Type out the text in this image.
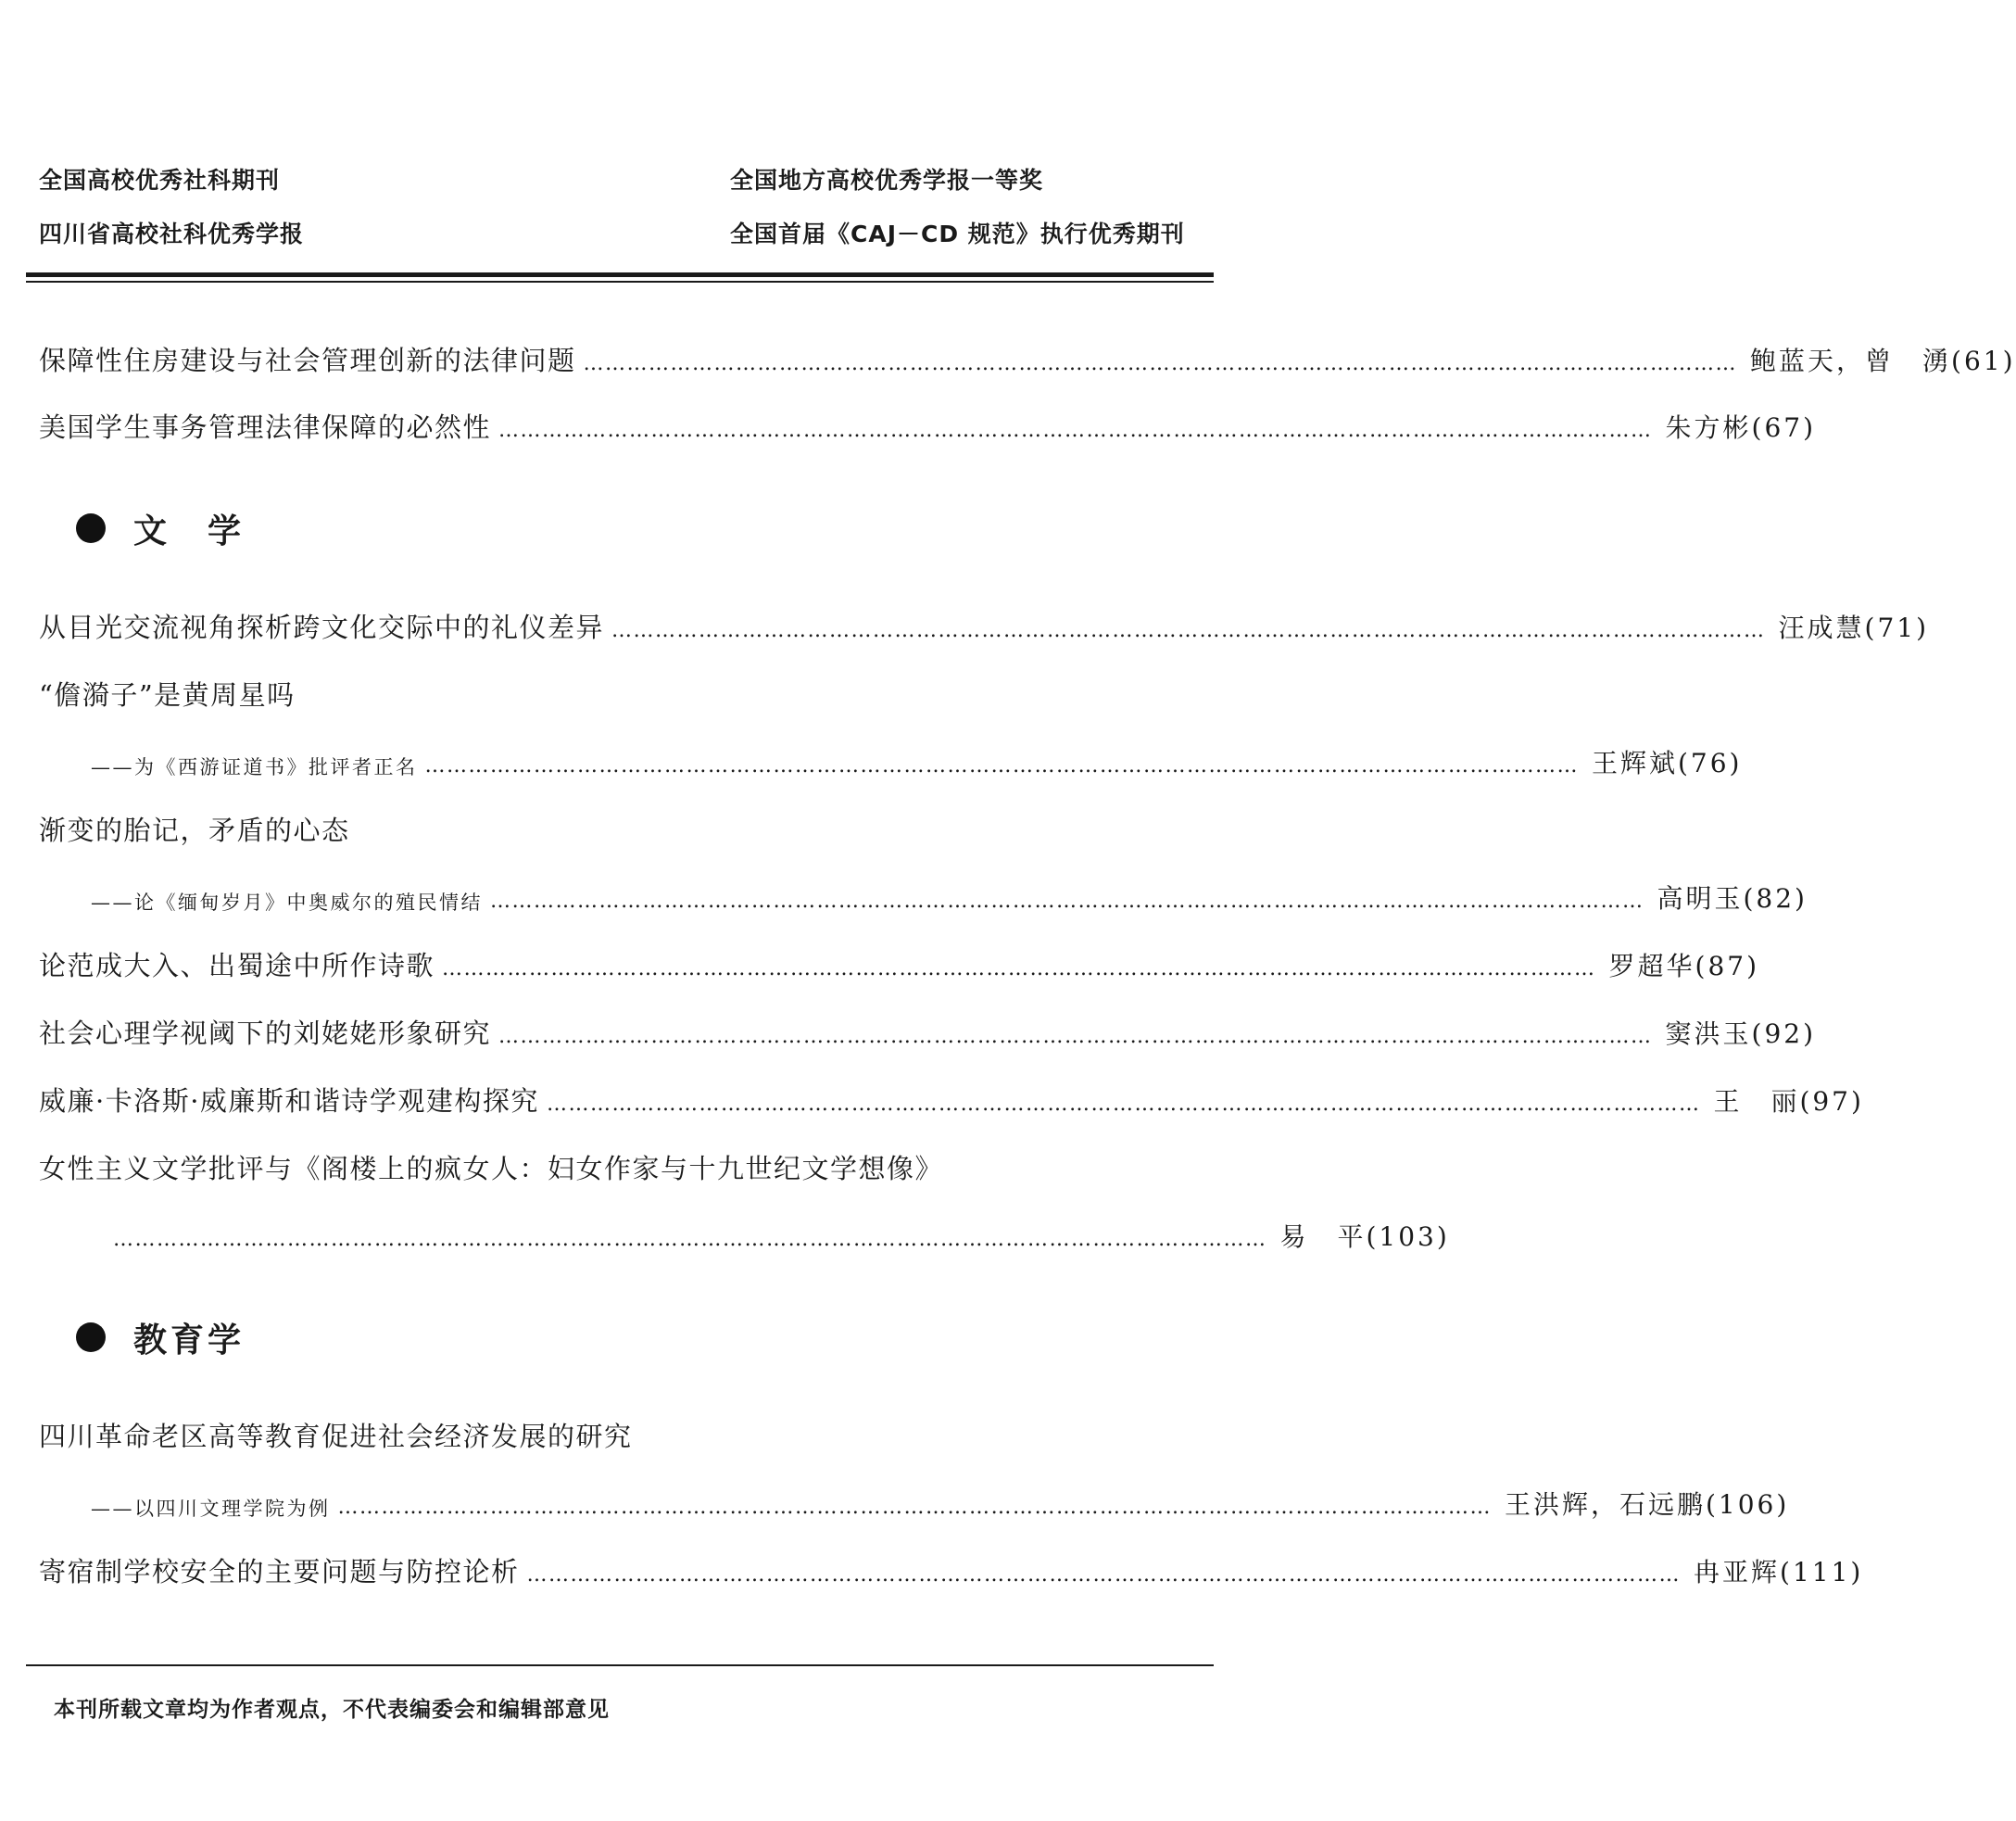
全国高校优秀社科期刊
四川省高校社科优秀学报
全国地方高校优秀学报一等奖
全国首届《CAJ－CD 规范》执行优秀期刊
保障性住房建设与社会管理创新的法律问题 …………………………………………………………………………………………………………………………………………… 鲍蓝天，曾　湧(61)
美国学生事务管理法律保障的必然性 …………………………………………………………………………………………………………………………………………… 朱方彬(67)
文　学
从目光交流视角探析跨文化交际中的礼仪差异 …………………………………………………………………………………………………………………………………………… 汪成慧(71)
“儋漪子”是黄周星吗
——为《西游证道书》批评者正名 …………………………………………………………………………………………………………………………………………… 王辉斌(76)
渐变的胎记，矛盾的心态
——论《缅甸岁月》中奥威尔的殖民情结 …………………………………………………………………………………………………………………………………………… 高明玉(82)
论范成大入、出蜀途中所作诗歌 …………………………………………………………………………………………………………………………………………… 罗超华(87)
社会心理学视阈下的刘姥姥形象研究 …………………………………………………………………………………………………………………………………………… 窦洪玉(92)
威廉·卡洛斯·威廉斯和谐诗学观建构探究 …………………………………………………………………………………………………………………………………………… 王　丽(97)
女性主义文学批评与《阁楼上的疯女人：妇女作家与十九世纪文学想像》
…………………………………………………………………………………………………………………………………………… 易　平(103)
教育学
四川革命老区高等教育促进社会经济发展的研究
——以四川文理学院为例 …………………………………………………………………………………………………………………………………………… 王洪辉，石远鹏(106)
寄宿制学校安全的主要问题与防控论析 …………………………………………………………………………………………………………………………………………… 冉亚辉(111)
本刊所载文章均为作者观点，不代表编委会和编辑部意见
